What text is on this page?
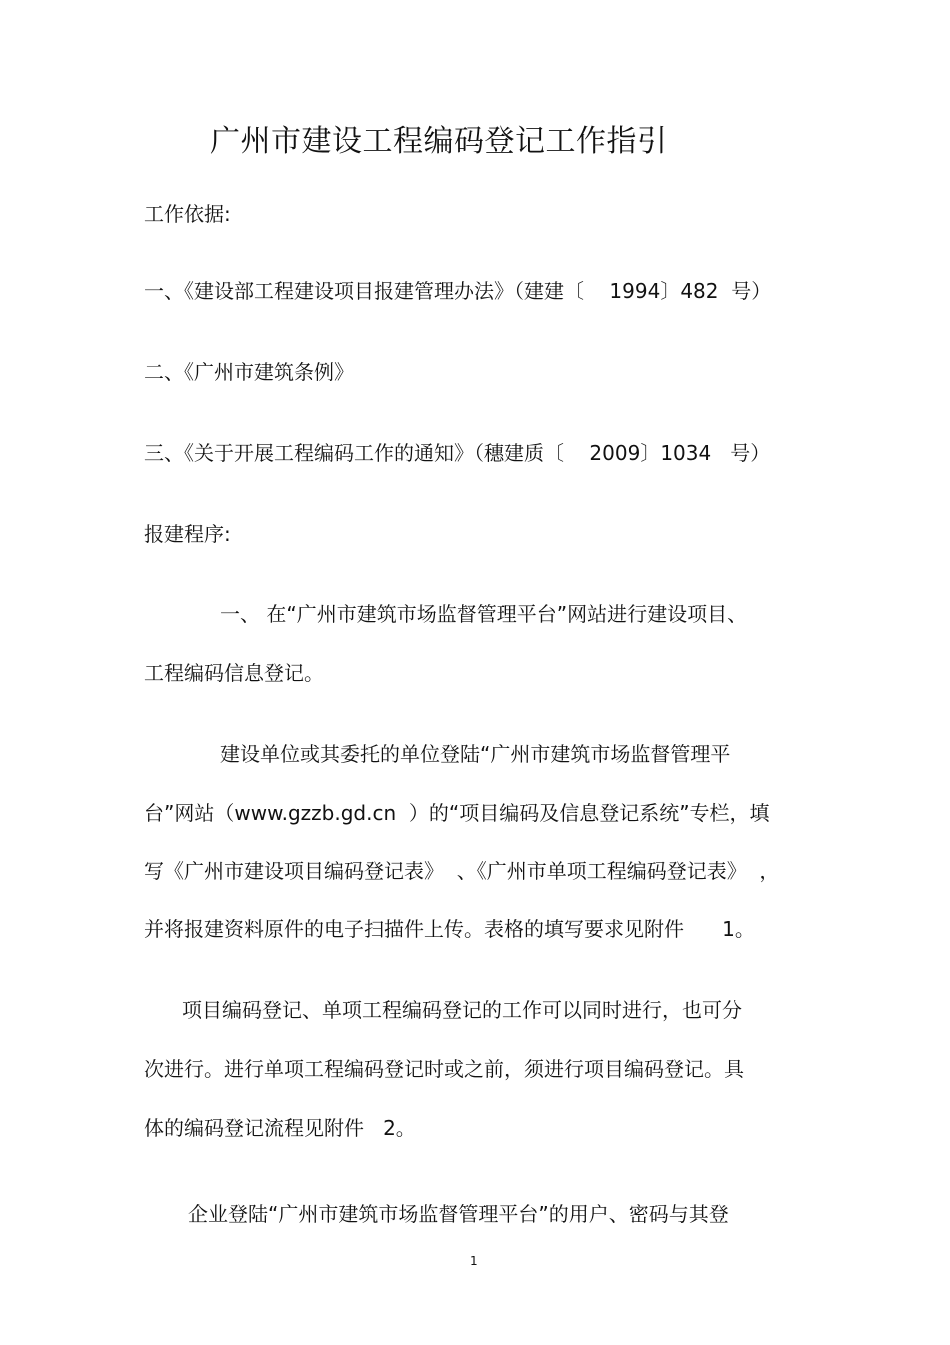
广州市建设工程编码登记工作指引
工作依据:
一、《建设部工程建设项目报建管理办法》（建建〔    1994〕482  号）
二、《广州市建筑条例》
三、《关于开展工程编码工作的通知》（穗建质〔    2009〕1034   号）
报建程序:
一、 在“广州市建筑市场监督管理平台”网站进行建设项目、
工程编码信息登记。
建设单位或其委托的单位登陆“广州市建筑市场监督管理平
台”网站（www.gzzb.gd.cn  ）的“项目编码及信息登记系统”专栏，填
写《广州市建设项目编码登记表》  、《广州市单项工程编码登记表》  ，
并将报建资料原件的电子扫描件上传。表格的填写要求见附件      1。
项目编码登记、单项工程编码登记的工作可以同时进行，也可分
次进行。进行单项工程编码登记时或之前，须进行项目编码登记。具
体的编码登记流程见附件   2。
企业登陆“广州市建筑市场监督管理平台”的用户、密码与其登
1
